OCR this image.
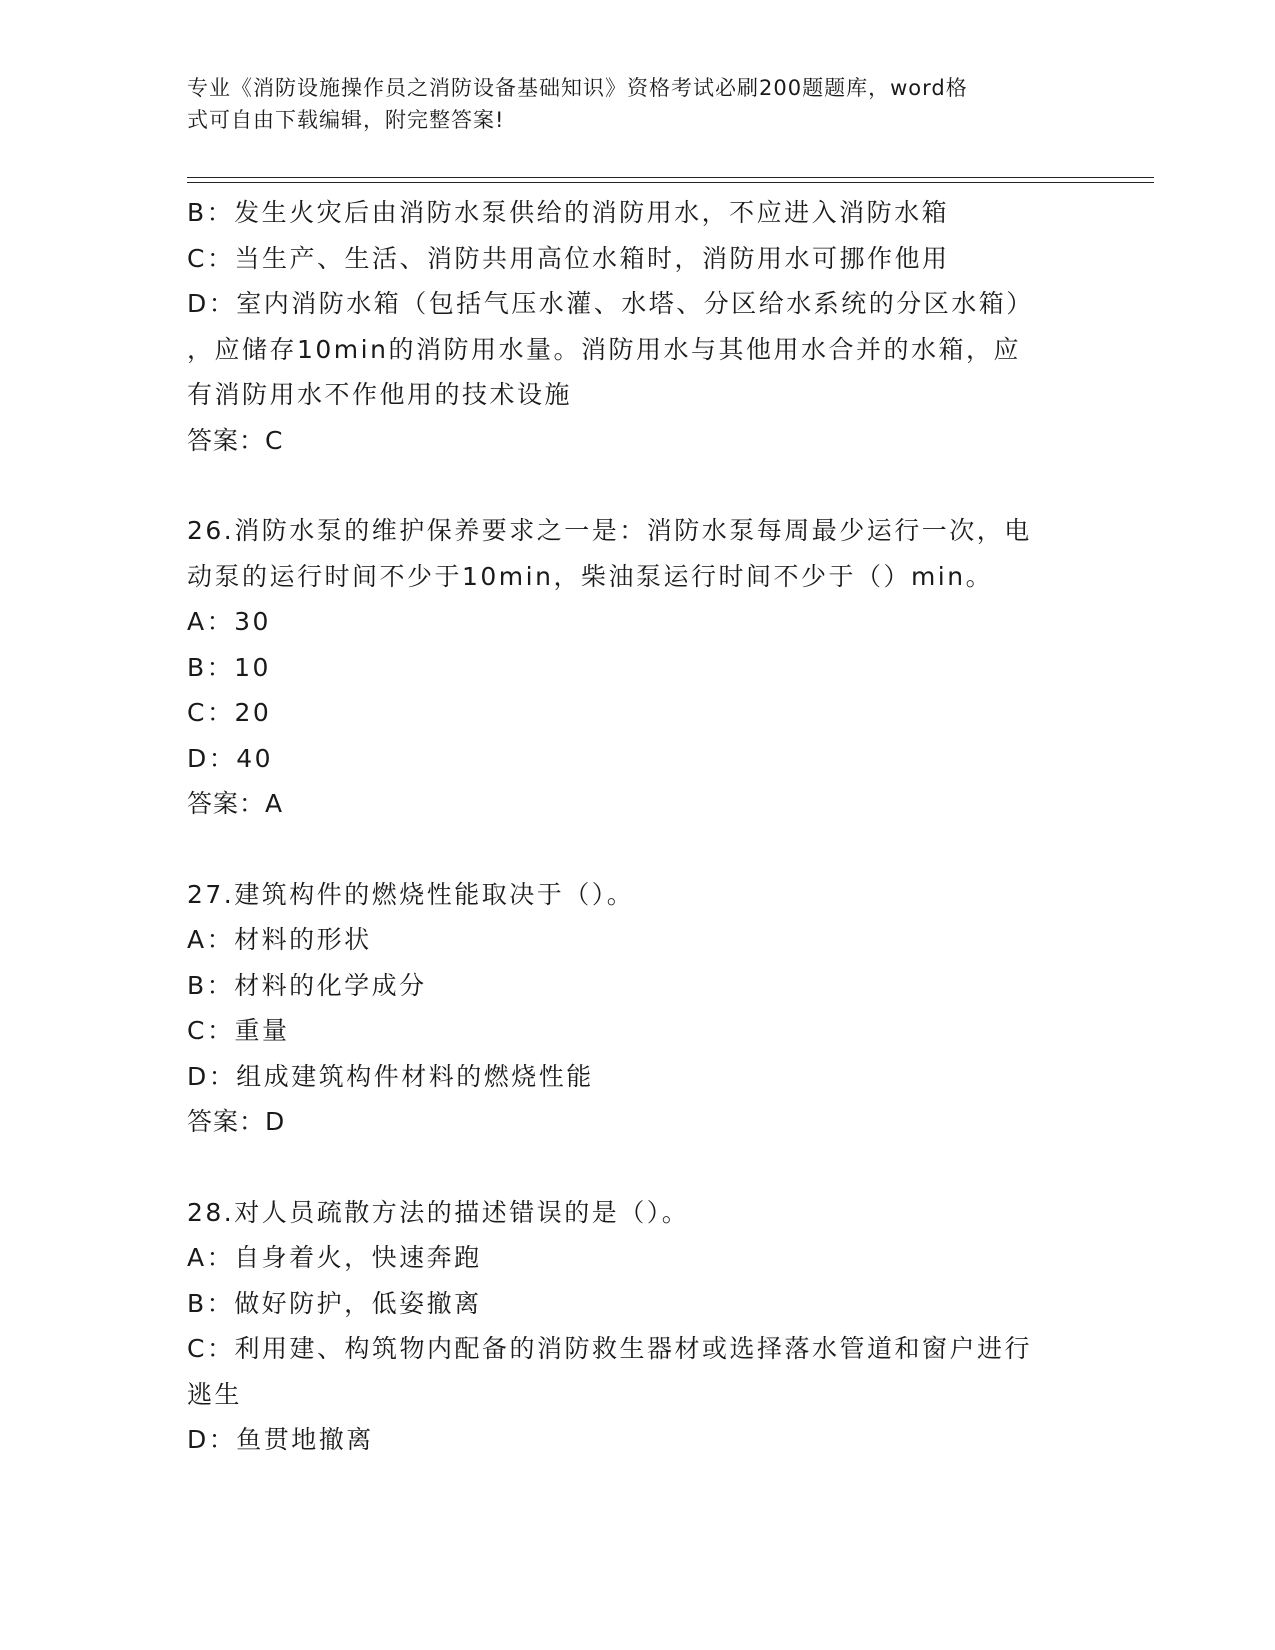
专业《消防设施操作员之消防设备基础知识》资格考试必刷200题题库，word格
式可自由下载编辑，附完整答案!
B：发生火灾后由消防水泵供给的消防用水，不应进入消防水箱
C：当生产、生活、消防共用高位水箱时，消防用水可挪作他用
D：室内消防水箱（包括气压水灌、水塔、分区给水系统的分区水箱）
，应储存10min的消防用水量。消防用水与其他用水合并的水箱，应
有消防用水不作他用的技术设施
答案：C
26.消防水泵的维护保养要求之一是：消防水泵每周最少运行一次，电
动泵的运行时间不少于10min，柴油泵运行时间不少于（）min。
A：30
B：10
C：20
D：40
答案：A
27.建筑构件的燃烧性能取决于（）。
A：材料的形状
B：材料的化学成分
C：重量
D：组成建筑构件材料的燃烧性能
答案：D
28.对人员疏散方法的描述错误的是（）。
A：自身着火，快速奔跑
B：做好防护，低姿撤离
C：利用建、构筑物内配备的消防救生器材或选择落水管道和窗户进行
逃生
D：鱼贯地撤离
